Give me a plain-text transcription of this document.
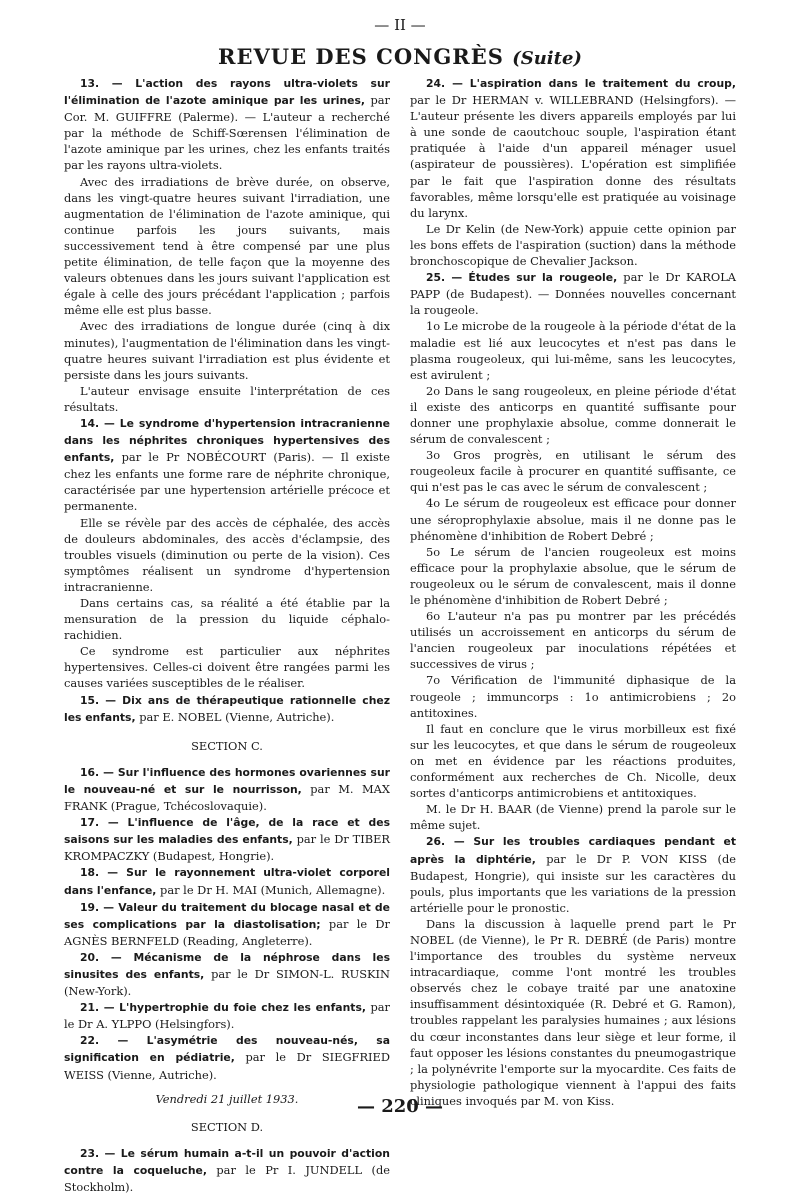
— II —
REVUE DES CONGRÈS (Suite)

13. — L'action des rayons ultra-violets sur l'élimination de l'azote aminique par les urines, par Cor. M. GUIFFRE (Palerme). — L'auteur a recherché par la méthode de Schiff-Sœrensen l'élimination de l'azote aminique par les urines, chez les enfants traités par les rayons ultra-violets.

Avec des irradiations de brève durée, on observe, dans les vingt-quatre heures suivant l'irradiation, une augmentation de l'élimination de l'azote aminique, qui continue parfois les jours suivants, mais successivement tend à être compensé par une plus petite élimination, de telle façon que la moyenne des valeurs obtenues dans les jours suivant l'application est égale à celle des jours précédant l'application ; parfois même elle est plus basse.

Avec des irradiations de longue durée (cinq à dix minutes), l'augmentation de l'élimination dans les vingt-quatre heures suivant l'irradiation est plus évidente et persiste dans les jours suivants.

L'auteur envisage ensuite l'interprétation de ces résultats.

14. — Le syndrome d'hypertension intracranienne dans les néphrites chroniques hypertensives des enfants, par le Pr NOBÉCOURT (Paris). — Il existe chez les enfants une forme rare de néphrite chronique, caractérisée par une hypertension artérielle précoce et permanente.

Elle se révèle par des accès de céphalée, des accès de douleurs abdominales, des accès d'éclampsie, des troubles visuels (diminution ou perte de la vision). Ces symptômes réalisent un syndrome d'hypertension intracranienne.

Dans certains cas, sa réalité a été établie par la mensuration de la pression du liquide céphalo-rachidien.

Ce syndrome est particulier aux néphrites hypertensives. Celles-ci doivent être rangées parmi les causes variées susceptibles de le réaliser.

15. — Dix ans de thérapeutique rationnelle chez les enfants, par E. NOBEL (Vienne, Autriche).

SECTION C.

16. — Sur l'influence des hormones ovariennes sur le nouveau-né et sur le nourrisson, par M. MAX FRANK (Prague, Tchécoslovaquie).

17. — L'influence de l'âge, de la race et des saisons sur les maladies des enfants, par le Dr TIBER KROMPACZKY (Budapest, Hongrie).

18. — Sur le rayonnement ultra-violet corporel dans l'enfance, par le Dr H. MAI (Munich, Allemagne).

19. — Valeur du traitement du blocage nasal et de ses complications par la diastolisation; par le Dr AGNÈS BERNFELD (Reading, Angleterre).

20. — Mécanisme de la néphrose dans les sinusites des enfants, par le Dr SIMON-L. RUSKIN (New-York).

21. — L'hypertrophie du foie chez les enfants, par le Dr A. YLPPO (Helsingfors).

22. — L'asymétrie des nouveau-nés, sa signification en pédiatrie, par le Dr SIEGFRIED WEISS (Vienne, Autriche).

Vendredi 21 juillet 1933.

SECTION D.

23. — Le sérum humain a-t-il un pouvoir d'action contre la coqueluche, par le Pr I. JUNDELL (de Stockholm).

24. — L'aspiration dans le traitement du croup, par le Dr HERMAN v. WILLEBRAND (Helsingfors). — L'auteur présente les divers appareils employés par lui à une sonde de caoutchouc souple, l'aspiration étant pratiquée à l'aide d'un appareil ménager usuel (aspirateur de poussières). L'opération est simplifiée par le fait que l'aspiration donne des résultats favorables, même lorsqu'elle est pratiquée au voisinage du larynx.

Le Dr Kelin (de New-York) appuie cette opinion par les bons effets de l'aspiration (suction) dans la méthode bronchoscopique de Chevalier Jackson.

25. — Études sur la rougeole, par le Dr KAROLA PAPP (de Budapest). — Données nouvelles concernant la rougeole.

1o Le microbe de la rougeole à la période d'état de la maladie est lié aux leucocytes et n'est pas dans le plasma rougeoleux, qui lui-même, sans les leucocytes, est avirulent ;

2o Dans le sang rougeoleux, en pleine période d'état il existe des anticorps en quantité suffisante pour donner une prophylaxie absolue, comme donnerait le sérum de convalescent ;

3o Gros progrès, en utilisant le sérum des rougeoleux facile à procurer en quantité suffisante, ce qui n'est pas le cas avec le sérum de convalescent ;

4o Le sérum de rougeoleux est efficace pour donner une séroprophylaxie absolue, mais il ne donne pas le phénomène d'inhibition de Robert Debré ;

5o Le sérum de l'ancien rougeoleux est moins efficace pour la prophylaxie absolue, que le sérum de rougeoleux ou le sérum de convalescent, mais il donne le phénomène d'inhibition de Robert Debré ;

6o L'auteur n'a pas pu montrer par les précédés utilisés un accroissement en anticorps du sérum de l'ancien rougeoleux par inoculations répétées et successives de virus ;

7o Vérification de l'immunité diphasique de la rougeole ; immuncorps : 1o antimicrobiens ; 2o antitoxines.

Il faut en conclure que le virus morbilleux est fixé sur les leucocytes, et que dans le sérum de rougeoleux on met en évidence par les réactions produites, conformément aux recherches de Ch. Nicolle, deux sortes d'anticorps antimicrobiens et antitoxiques.

M. le Dr H. BAAR (de Vienne) prend la parole sur le même sujet.

26. — Sur les troubles cardiaques pendant et après la diphtérie, par le Dr P. VON KISS (de Budapest, Hongrie), qui insiste sur les caractères du pouls, plus importants que les variations de la pression artérielle pour le pronostic.

Dans la discussion à laquelle prend part le Pr NOBEL (de Vienne), le Pr R. DEBRÉ (de Paris) montre l'importance des troubles du système nerveux intracardiaque, comme l'ont montré les troubles observés chez le cobaye traité par une anatoxine insuffisamment désintoxiquée (R. Debré et G. Ramon), troubles rappelant les paralysies humaines ; aux lésions du cœur inconstantes dans leur siège et leur forme, il faut opposer les lésions constantes du pneumogastrique ; la polynévrite l'emporte sur la myocardite. Ces faits de physiologie pathologique viennent à l'appui des faits cliniques invoqués par M. von Kiss.

— 220 —
